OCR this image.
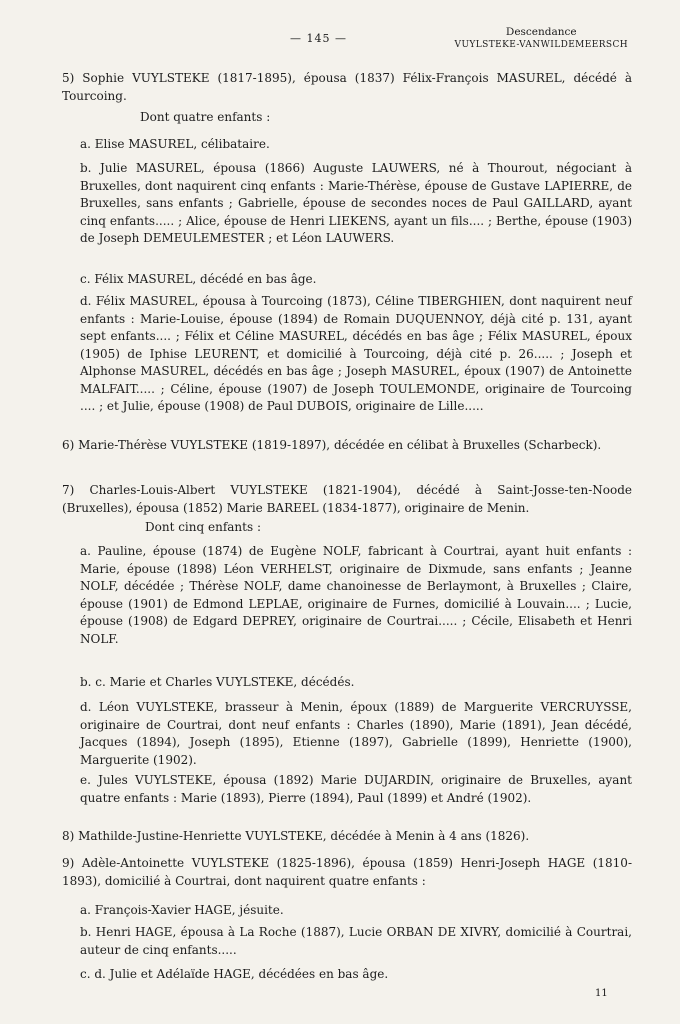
— 145 —	Descendance
VUYLSTEKE-VANWILDEMEERSCH
5) Sophie VUYLSTEKE (1817-1895), épousa (1837) Félix-François MASUREL, décédé à Tourcoing.
Dont quatre enfants :
a. Elise MASUREL, célibataire.
b. Julie MASUREL, épousa (1866) Auguste LAUWERS, né à Thourout, négociant à Bruxelles, dont naquirent cinq enfants : Marie-Thérèse, épouse de Gustave LAPIERRE, de Bruxelles, sans enfants ; Gabrielle, épouse de secondes noces de Paul GAILLARD, ayant cinq enfants..... ; Alice, épouse de Henri LIEKENS, ayant un fils.... ; Berthe, épouse (1903) de Joseph DEMEULEMESTER ; et Léon LAUWERS.
c. Félix MASUREL, décédé en bas âge.
d. Félix MASUREL, épousa à Tourcoing (1873), Céline TIBERGHIEN, dont naquirent neuf enfants : Marie-Louise, épouse (1894) de Romain DUQUENNOY, déjà cité p. 131, ayant sept enfants.... ; Félix et Céline MASUREL, décédés en bas âge ; Félix MASUREL, époux (1905) de Iphise LEURENT, et domicilié à Tourcoing, déjà cité p. 26..... ; Joseph et Alphonse MASUREL, décédés en bas âge ; Joseph MASUREL, époux (1907) de Antoinette MALFAIT..... ; Céline, épouse (1907) de Joseph TOULEMONDE, originaire de Tourcoing .... ; et Julie, épouse (1908) de Paul DUBOIS, originaire de Lille.....
6) Marie-Thérèse VUYLSTEKE (1819-1897), décédée en célibat à Bruxelles (Scharbeck).
7) Charles-Louis-Albert VUYLSTEKE (1821-1904), décédé à Saint-Josse-ten-Noode (Bruxelles), épousa (1852) Marie BAREEL (1834-1877), originaire de Menin.
Dont cinq enfants :
a. Pauline, épouse (1874) de Eugène NOLF, fabricant à Courtrai, ayant huit enfants : Marie, épouse (1898) Léon VERHELST, originaire de Dixmude, sans enfants ; Jeanne NOLF, décédée ; Thérèse NOLF, dame chanoinesse de Berlaymont, à Bruxelles ; Claire, épouse (1901) de Edmond LEPLAE, originaire de Furnes, domicilié à Louvain.... ; Lucie, épouse (1908) de Edgard DEPREY, originaire de Courtrai..... ; Cécile, Elisabeth et Henri NOLF.
b. c. Marie et Charles VUYLSTEKE, décédés.
d. Léon VUYLSTEKE, brasseur à Menin, époux (1889) de Marguerite VERCRUYSSE, originaire de Courtrai, dont neuf enfants : Charles (1890), Marie (1891), Jean décédé, Jacques (1894), Joseph (1895), Etienne (1897), Gabrielle (1899), Henriette (1900), Marguerite (1902).
e. Jules VUYLSTEKE, épousa (1892) Marie DUJARDIN, originaire de Bruxelles, ayant quatre enfants : Marie (1893), Pierre (1894), Paul (1899) et André (1902).
8) Mathilde-Justine-Henriette VUYLSTEKE, décédée à Menin à 4 ans (1826).
9) Adèle-Antoinette VUYLSTEKE (1825-1896), épousa (1859) Henri-Joseph HAGE (1810-1893), domicilié à Courtrai, dont naquirent quatre enfants :
a. François-Xavier HAGE, jésuite.
b. Henri HAGE, épousa à La Roche (1887), Lucie ORBAN DE XIVRY, domicilié à Courtrai, auteur de cinq enfants.....
c. d. Julie et Adélaïde HAGE, décédées en bas âge.
11
